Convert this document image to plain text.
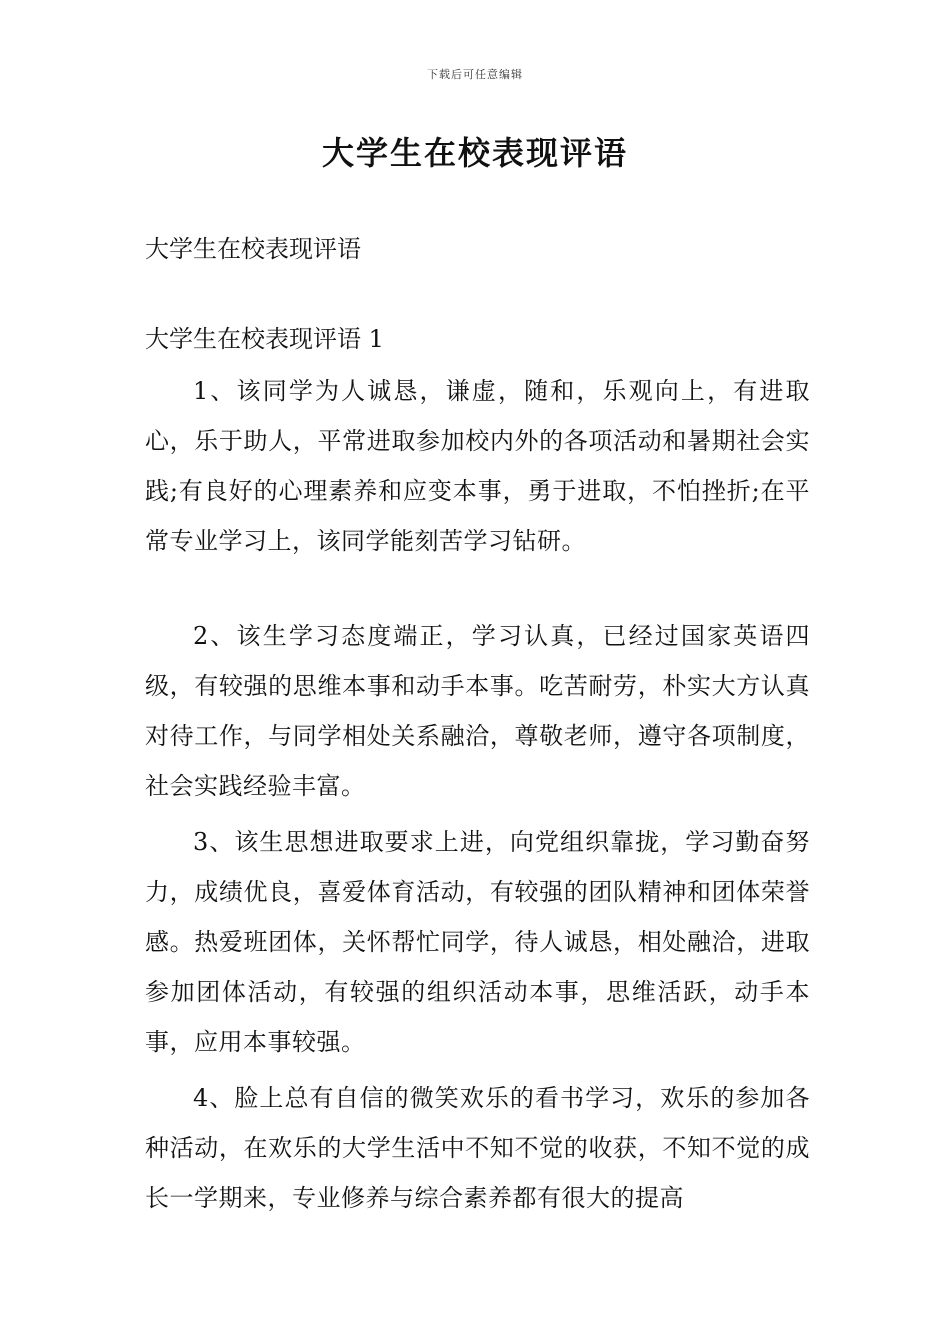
下载后可任意编辑
大学生在校表现评语

大学生在校表现评语

大学生在校表现评语 1

1、该同学为人诚恳，谦虚，随和，乐观向上，有进取心，乐于助人，平常进取参加校内外的各项活动和暑期社会实践;有良好的心理素养和应变本事，勇于进取，不怕挫折;在平常专业学习上，该同学能刻苦学习钻研。

2、该生学习态度端正，学习认真，已经过国家英语四级，有较强的思维本事和动手本事。吃苦耐劳，朴实大方认真对待工作，与同学相处关系融洽，尊敬老师，遵守各项制度，社会实践经验丰富。

3、该生思想进取要求上进，向党组织靠拢，学习勤奋努力，成绩优良，喜爱体育活动，有较强的团队精神和团体荣誉感。热爱班团体，关怀帮忙同学，待人诚恳，相处融洽，进取参加团体活动，有较强的组织活动本事，思维活跃，动手本事，应用本事较强。

4、脸上总有自信的微笑欢乐的看书学习，欢乐的参加各种活动，在欢乐的大学生活中不知不觉的收获，不知不觉的成长一学期来，专业修养与综合素养都有很大的提高
